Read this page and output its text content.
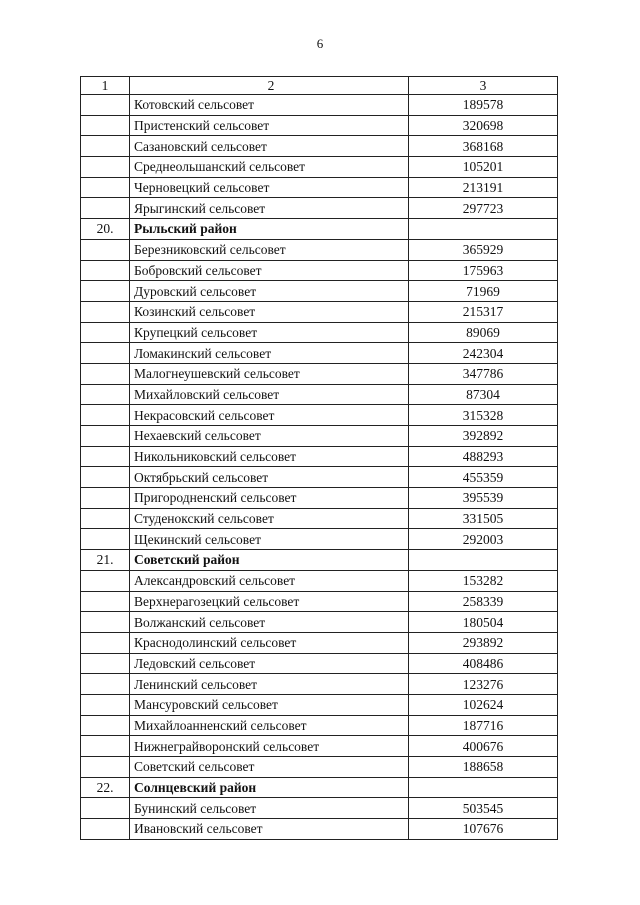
6
1	2	3
	Котовский сельсовет	189578
	Пристенский сельсовет	320698
	Сазановский сельсовет	368168
	Среднеольшанский сельсовет	105201
	Черновецкий сельсовет	213191
	Ярыгинский сельсовет	297723
20.	Рыльский район	
	Березниковский сельсовет	365929
	Бобровский сельсовет	175963
	Дуровский сельсовет	71969
	Козинский сельсовет	215317
	Крупецкий сельсовет	89069
	Ломакинский сельсовет	242304
	Малогнеушевский сельсовет	347786
	Михайловский сельсовет	87304
	Некрасовский сельсовет	315328
	Нехаевский сельсовет	392892
	Никольниковский сельсовет	488293
	Октябрьский сельсовет	455359
	Пригородненский сельсовет	395539
	Студенокский сельсовет	331505
	Щекинский сельсовет	292003
21.	Советский район	
	Александровский сельсовет	153282
	Верхнерагозецкий сельсовет	258339
	Волжанский сельсовет	180504
	Краснодолинский сельсовет	293892
	Ледовский сельсовет	408486
	Ленинский сельсовет	123276
	Мансуровский сельсовет	102624
	Михайлоанненский сельсовет	187716
	Нижнеграйворонский сельсовет	400676
	Советский сельсовет	188658
22.	Солнцевский район	
	Бунинский сельсовет	503545
	Ивановский сельсовет	107676
